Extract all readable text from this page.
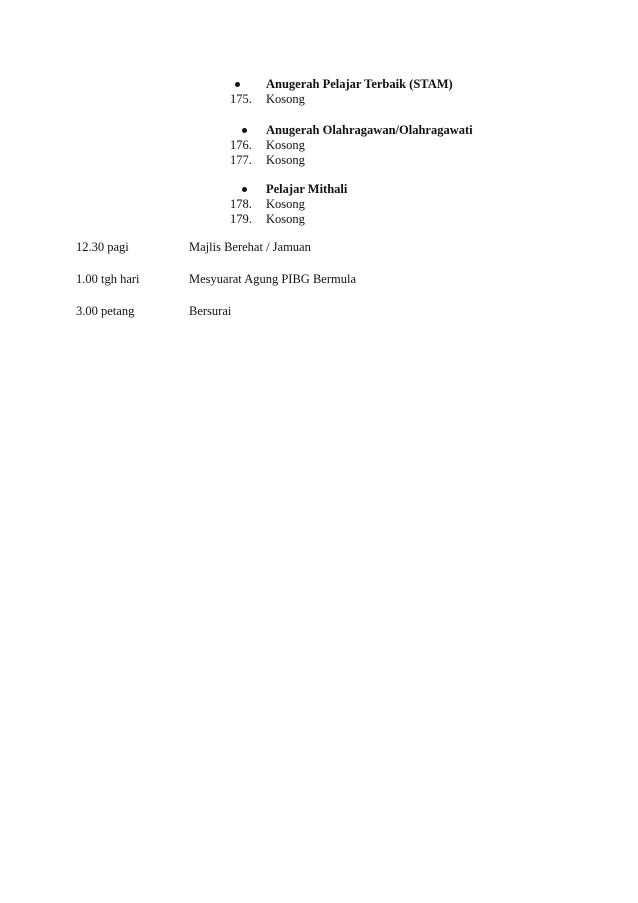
Anugerah Pelajar Terbaik (STAM)
175. Kosong
Anugerah Olahragawan/Olahragawati
176. Kosong
177. Kosong
Pelajar Mithali
178. Kosong
179. Kosong
12.30 pagi	Majlis Berehat / Jamuan
1.00 tgh hari	Mesyuarat Agung PIBG Bermula
3.00 petang	Bersurai
